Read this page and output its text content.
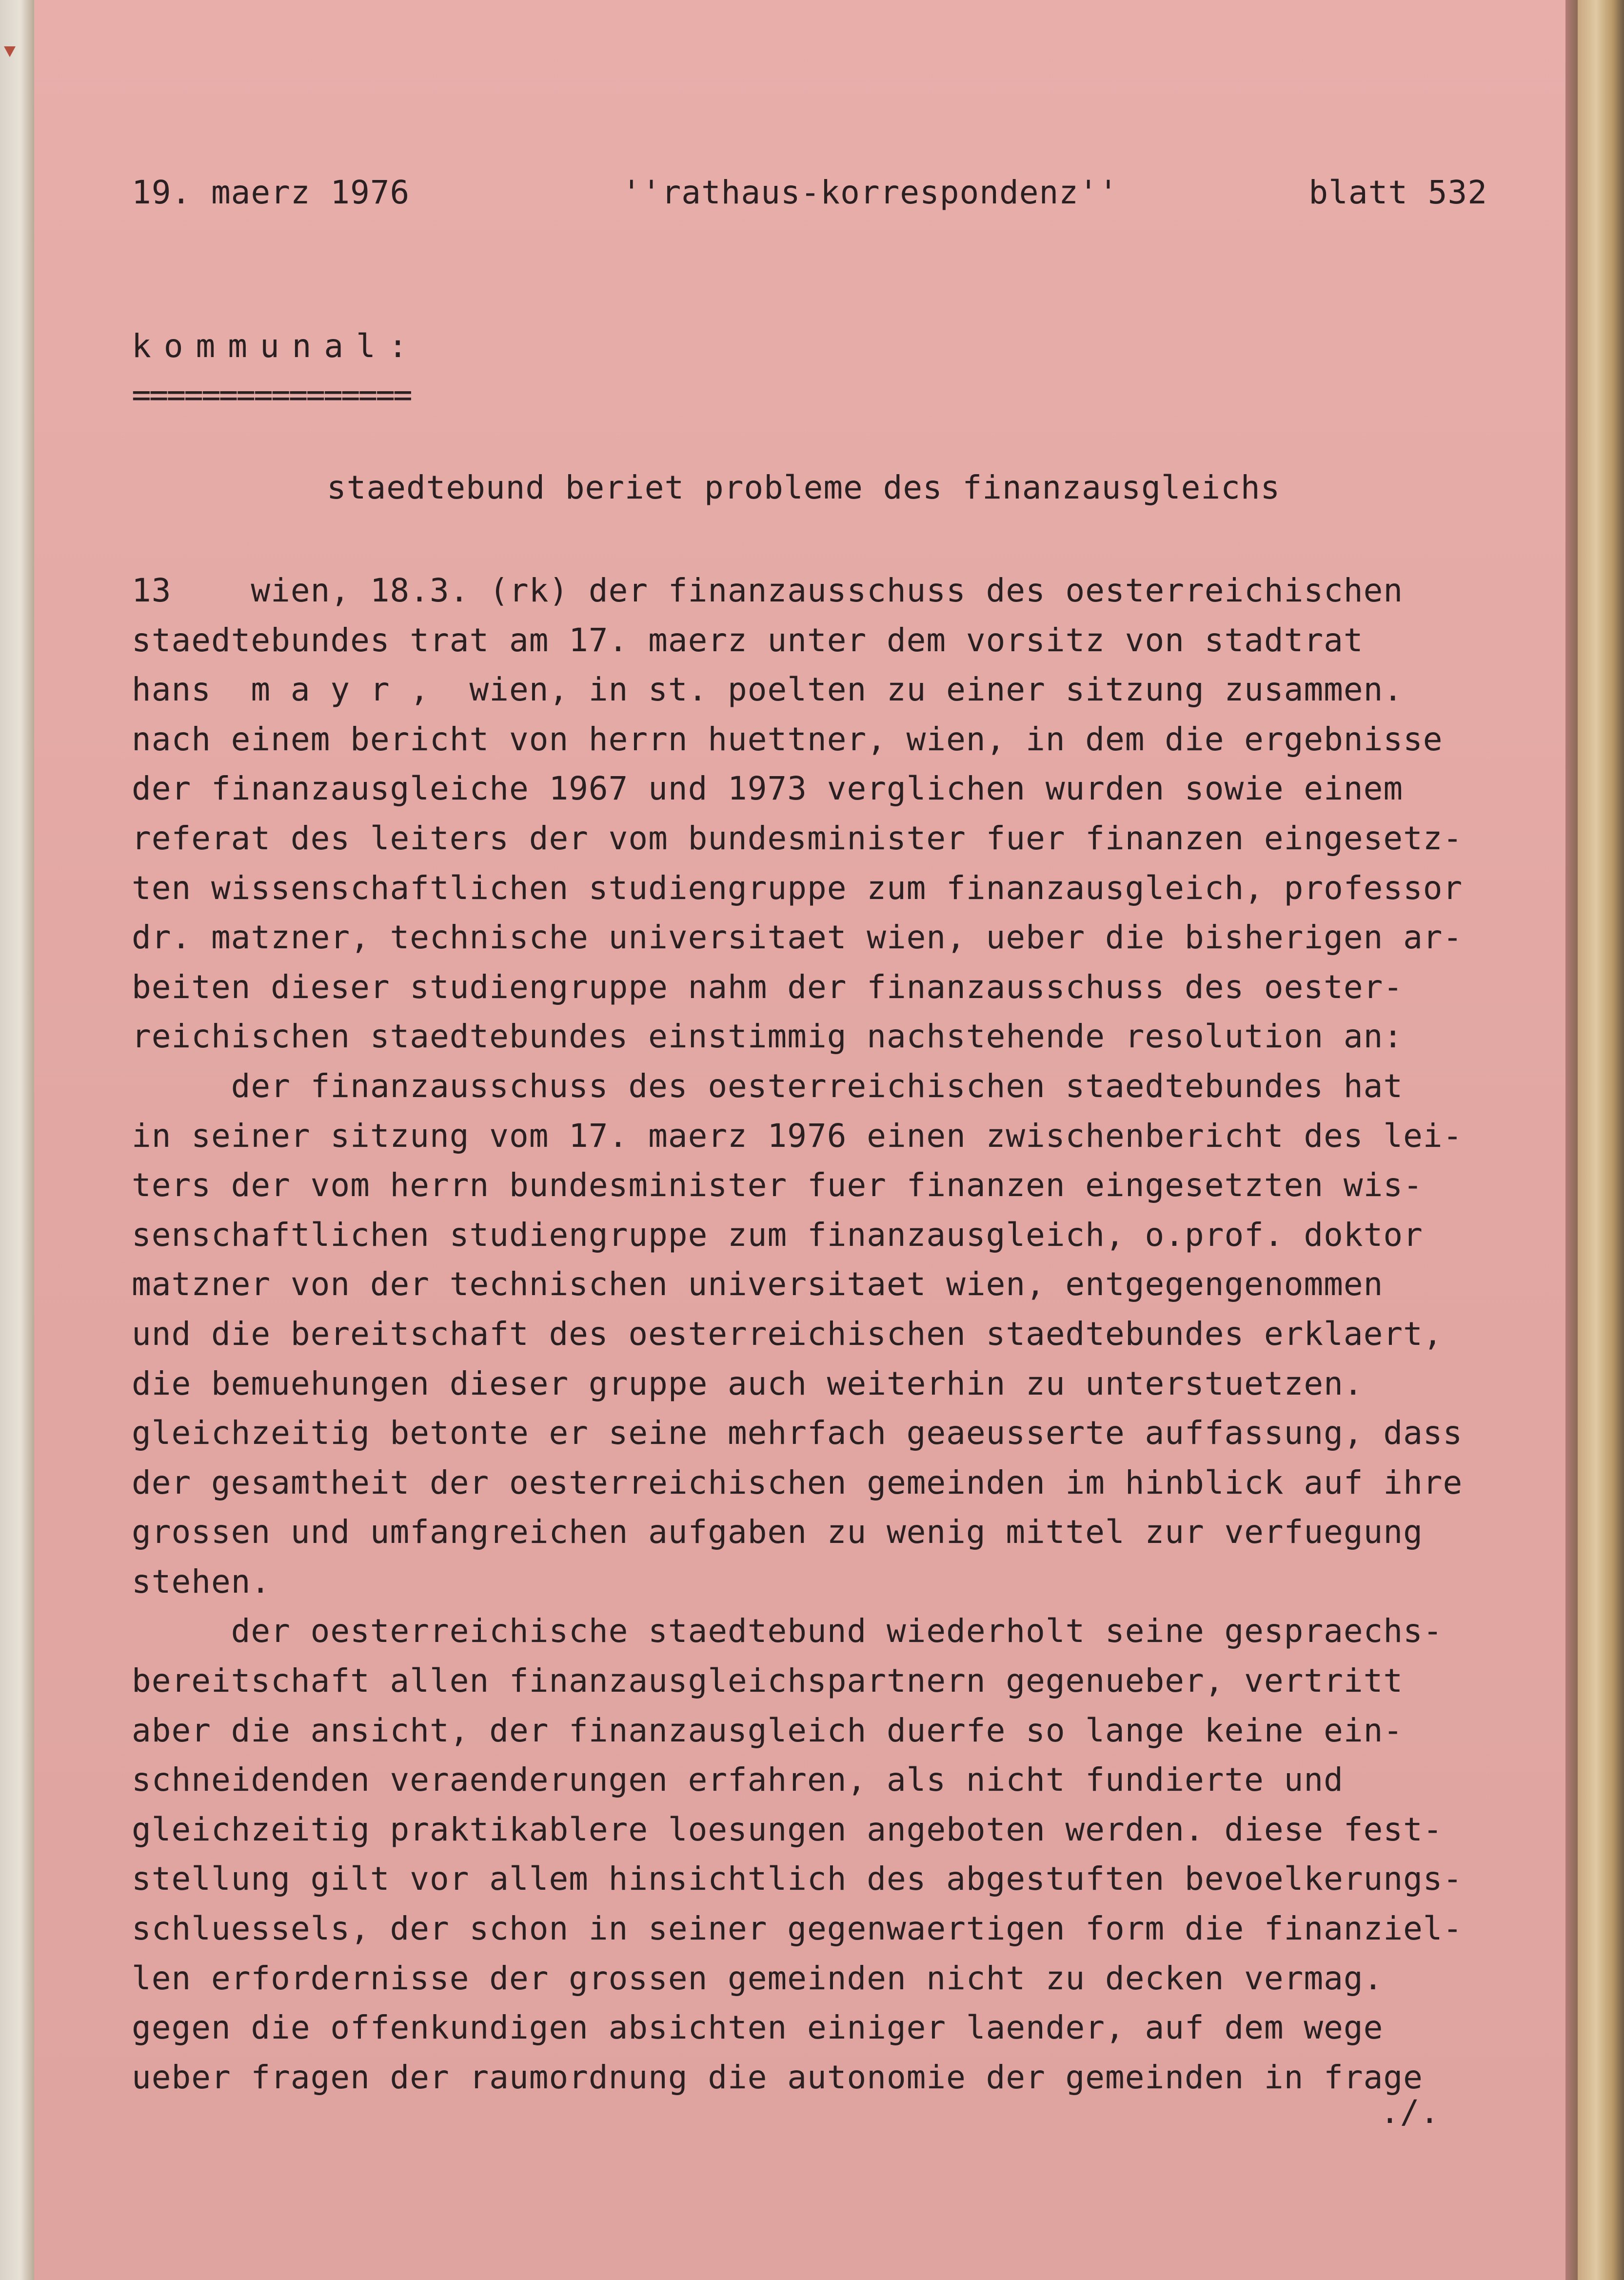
19. maerz 1976	''rathaus-korrespondenz''	blatt 532
kommunal:
================
staedtebund beriet probleme des finanzausgleichs
13    wien, 18.3. (rk) der finanzausschuss des oesterreichischen
staedtebundes trat am 17. maerz unter dem vorsitz von stadtrat
hans  m a y r ,  wien, in st. poelten zu einer sitzung zusammen.
nach einem bericht von herrn huettner, wien, in dem die ergebnisse
der finanzausgleiche 1967 und 1973 verglichen wurden sowie einem
referat des leiters der vom bundesminister fuer finanzen eingesetz-
ten wissenschaftlichen studiengruppe zum finanzausgleich, professor
dr. matzner, technische universitaet wien, ueber die bisherigen ar-
beiten dieser studiengruppe nahm der finanzausschuss des oester-
reichischen staedtebundes einstimmig nachstehende resolution an:
der finanzausschuss des oesterreichischen staedtebundes hat
in seiner sitzung vom 17. maerz 1976 einen zwischenbericht des lei-
ters der vom herrn bundesminister fuer finanzen eingesetzten wis-
senschaftlichen studiengruppe zum finanzausgleich, o.prof. doktor
matzner von der technischen universitaet wien, entgegengenommen
und die bereitschaft des oesterreichischen staedtebundes erklaert,
die bemuehungen dieser gruppe auch weiterhin zu unterstuetzen.
gleichzeitig betonte er seine mehrfach geaeusserte auffassung, dass
der gesamtheit der oesterreichischen gemeinden im hinblick auf ihre
grossen und umfangreichen aufgaben zu wenig mittel zur verfuegung
stehen.
der oesterreichische staedtebund wiederholt seine gespraechs-
bereitschaft allen finanzausgleichspartnern gegenueber, vertritt
aber die ansicht, der finanzausgleich duerfe so lange keine ein-
schneidenden veraenderungen erfahren, als nicht fundierte und
gleichzeitig praktikablere loesungen angeboten werden. diese fest-
stellung gilt vor allem hinsichtlich des abgestuften bevoelkerungs-
schluessels, der schon in seiner gegenwaertigen form die finanziel-
len erfordernisse der grossen gemeinden nicht zu decken vermag.
gegen die offenkundigen absichten einiger laender, auf dem wege
ueber fragen der raumordnung die autonomie der gemeinden in frage
./.
